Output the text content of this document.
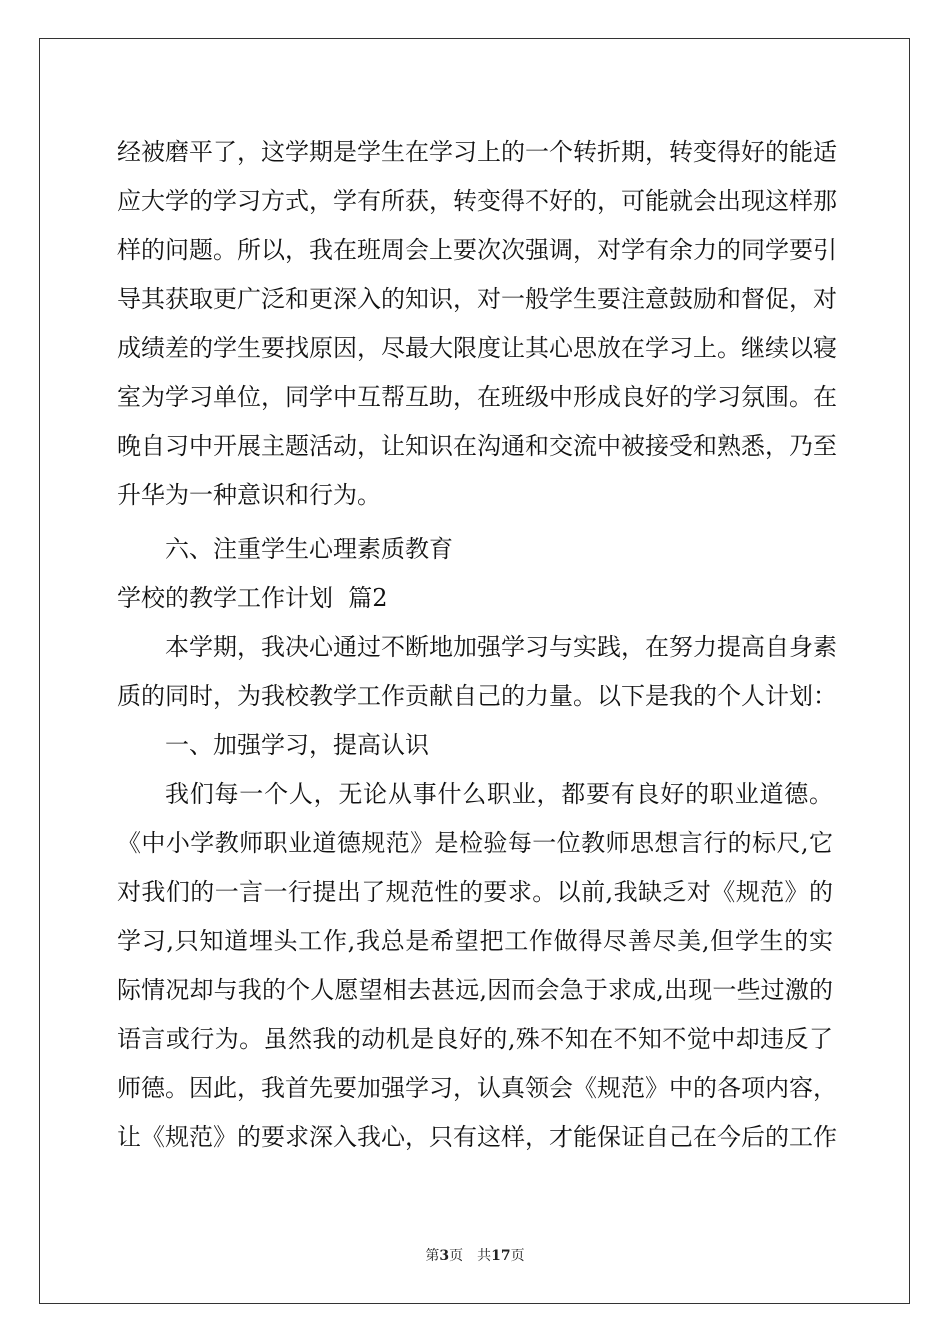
经被磨平了，这学期是学生在学习上的一个转折期，转变得好的能适
应大学的学习方式，学有所获，转变得不好的，可能就会出现这样那
样的问题。所以，我在班周会上要次次强调，对学有余力的同学要引
导其获取更广泛和更深入的知识，对一般学生要注意鼓励和督促，对
成绩差的学生要找原因，尽最大限度让其心思放在学习上。继续以寝
室为学习单位，同学中互帮互助，在班级中形成良好的学习氛围。在
晚自习中开展主题活动，让知识在沟通和交流中被接受和熟悉，乃至
升华为一种意识和行为。
六、注重学生心理素质教育
学校的教学工作计划  篇2
本学期，我决心通过不断地加强学习与实践，在努力提高自身素
质的同时，为我校教学工作贡献自己的力量。以下是我的个人计划：
一、加强学习，提高认识
我们每一个人，无论从事什么职业，都要有良好的职业道德。
《中小学教师职业道德规范》是检验每一位教师思想言行的标尺,它
对我们的一言一行提出了规范性的要求。以前,我缺乏对《规范》的
学习,只知道埋头工作,我总是希望把工作做得尽善尽美,但学生的实
际情况却与我的个人愿望相去甚远,因而会急于求成,出现一些过激的
语言或行为。虽然我的动机是良好的,殊不知在不知不觉中却违反了
师德。因此，我首先要加强学习，认真领会《规范》中的各项内容，
让《规范》的要求深入我心，只有这样，才能保证自己在今后的工作
第3页 共17页
